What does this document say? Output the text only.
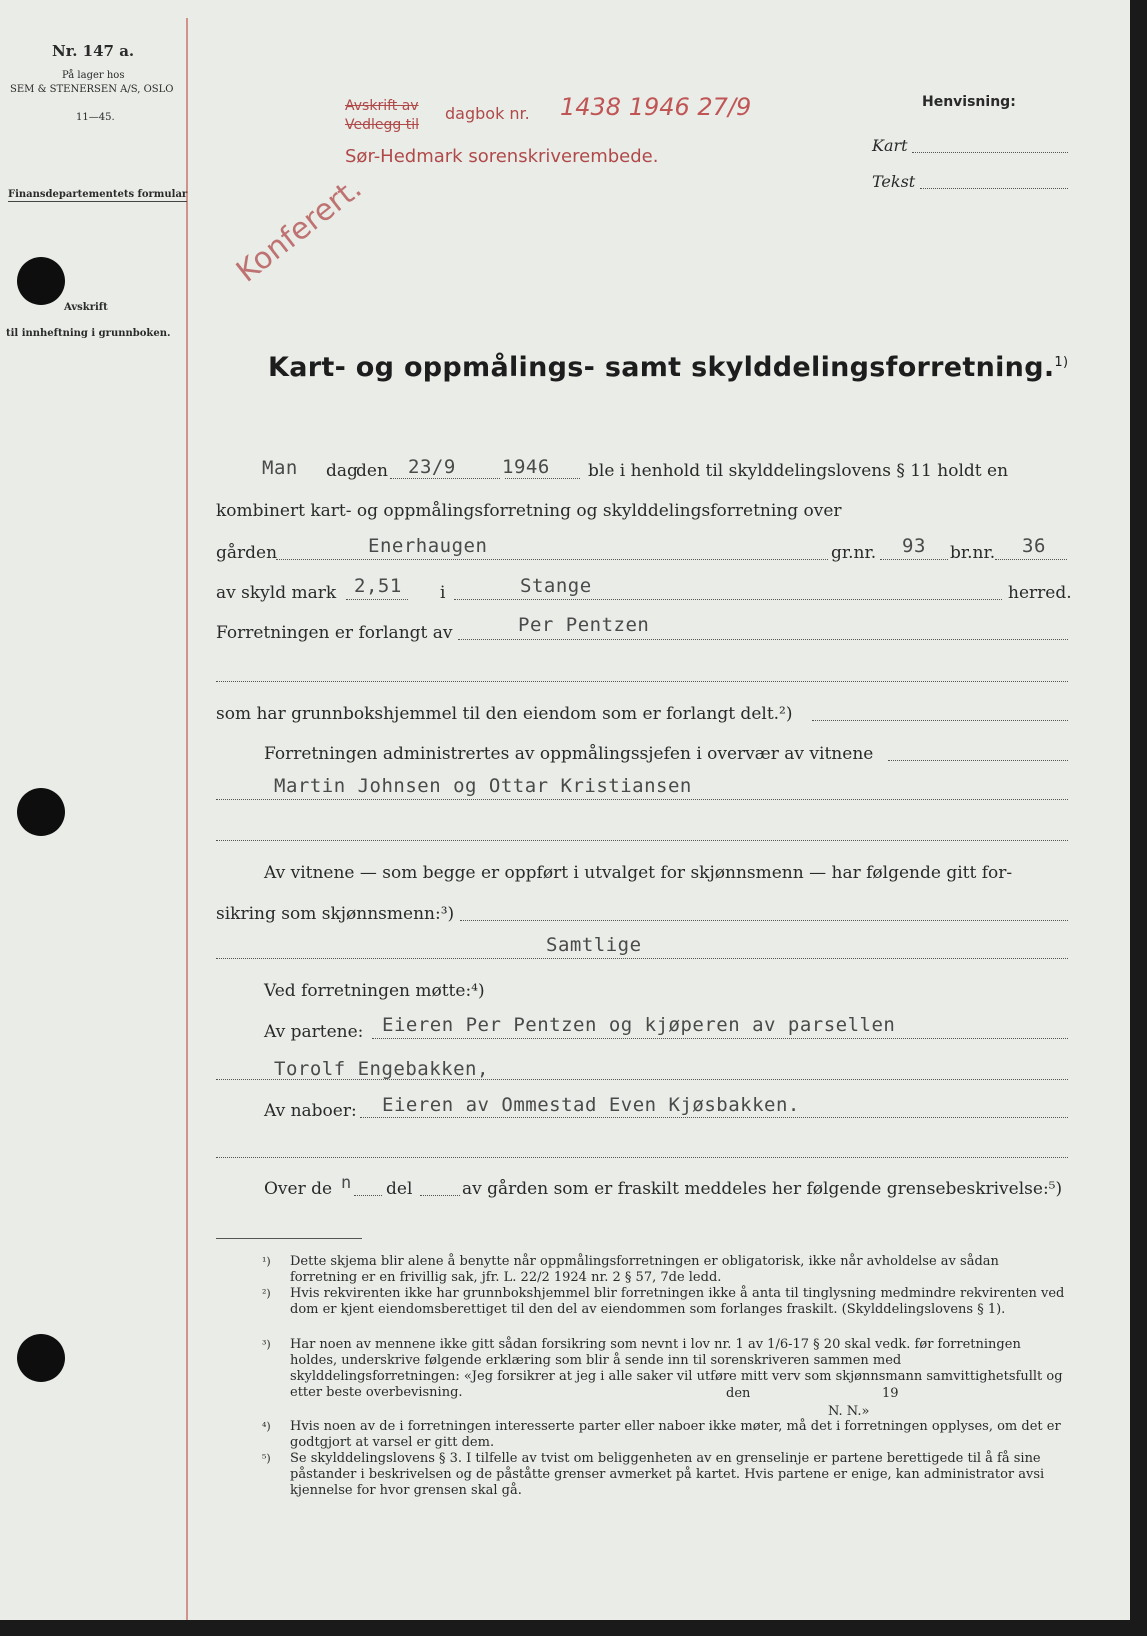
Nr. 147 a.
På lager hos
SEM & STENERSEN A/S, OSLO
11—45.
Finansdepartementets formular
Avskrift
til innheftning i grunnboken.
Avskrift av
Vedlegg til
dagbok nr. 1438 1946 27/9
Sør-Hedmark sorenskriverembede.
Konferert.
Henvisning:
Kart
Tekst
Kart- og oppmålings- samt skylddelingsforretning.$^{1)}$
Man dag
den 23/9 1946 ble i henhold til skylddelingslovens § 11 holdt en
kombinert kart- og oppmålingsforretning og skylddelingsforretning over
gården	Enerhaugen	gr.nr. 93 br.nr. 36
av skyld mark 2,51 i	Stange	herred.
Forretningen er forlangt av	Per Pentzen
som har grunnbokshjemmel til den eiendom som er forlangt delt.²)
Forretningen administrertes av oppmålingssjefen i overvær av vitnene
Martin Johnsen og Ottar Kristiansen
Av vitnene — som begge er oppført i utvalget for skjønnsmenn — har følgende gitt for-
sikring som skjønnsmenn:³)
Samtlige
Ved forretningen møtte:⁴)
Av partene: Eieren Per Pentzen og kjøperen av parsellen
Torolf Engebakken,
Av naboer: Eieren av Ommestad Even Kjøsbakken.
Over de n del	av gården som er fraskilt meddeles her følgende grensebeskrivelse:⁵)
¹) Dette skjema blir alene å benytte når oppmålingsforretningen er obligatorisk, ikke når avholdelse av sådan forretning er en frivillig sak, jfr. L. 22/2 1924 nr. 2 § 57, 7de ledd.
²) Hvis rekvirenten ikke har grunnbokshjemmel blir forretningen ikke å anta til tinglysning medmindre rekvirenten ved dom er kjent eiendomsberettiget til den del av eiendommen som forlanges fraskilt. (Skylddelingslovens § 1).
³) Har noen av mennene ikke gitt sådan forsikring som nevnt i lov nr. 1 av 1/6-17 § 20 skal vedk. før forretningen holdes, underskrive følgende erklæring som blir å sende inn til sorenskriveren sammen med skylddelingsforretningen: «Jeg forsikrer at jeg i alle saker vil utføre mitt verv som skjønnsmann samvittighetsfullt og etter beste overbevisning.	den	19
N. N.»
⁴) Hvis noen av de i forretningen interesserte parter eller naboer ikke møter, må det i forretningen opplyses, om det er godtgjort at varsel er gitt dem.
⁵) Se skylddelingslovens § 3. I tilfelle av tvist om beliggenheten av en grenselinje er partene berettigede til å få sine påstander i beskrivelsen og de påståtte grenser avmerket på kartet. Hvis partene er enige, kan administrator avsi kjennelse for hvor grensen skal gå.
